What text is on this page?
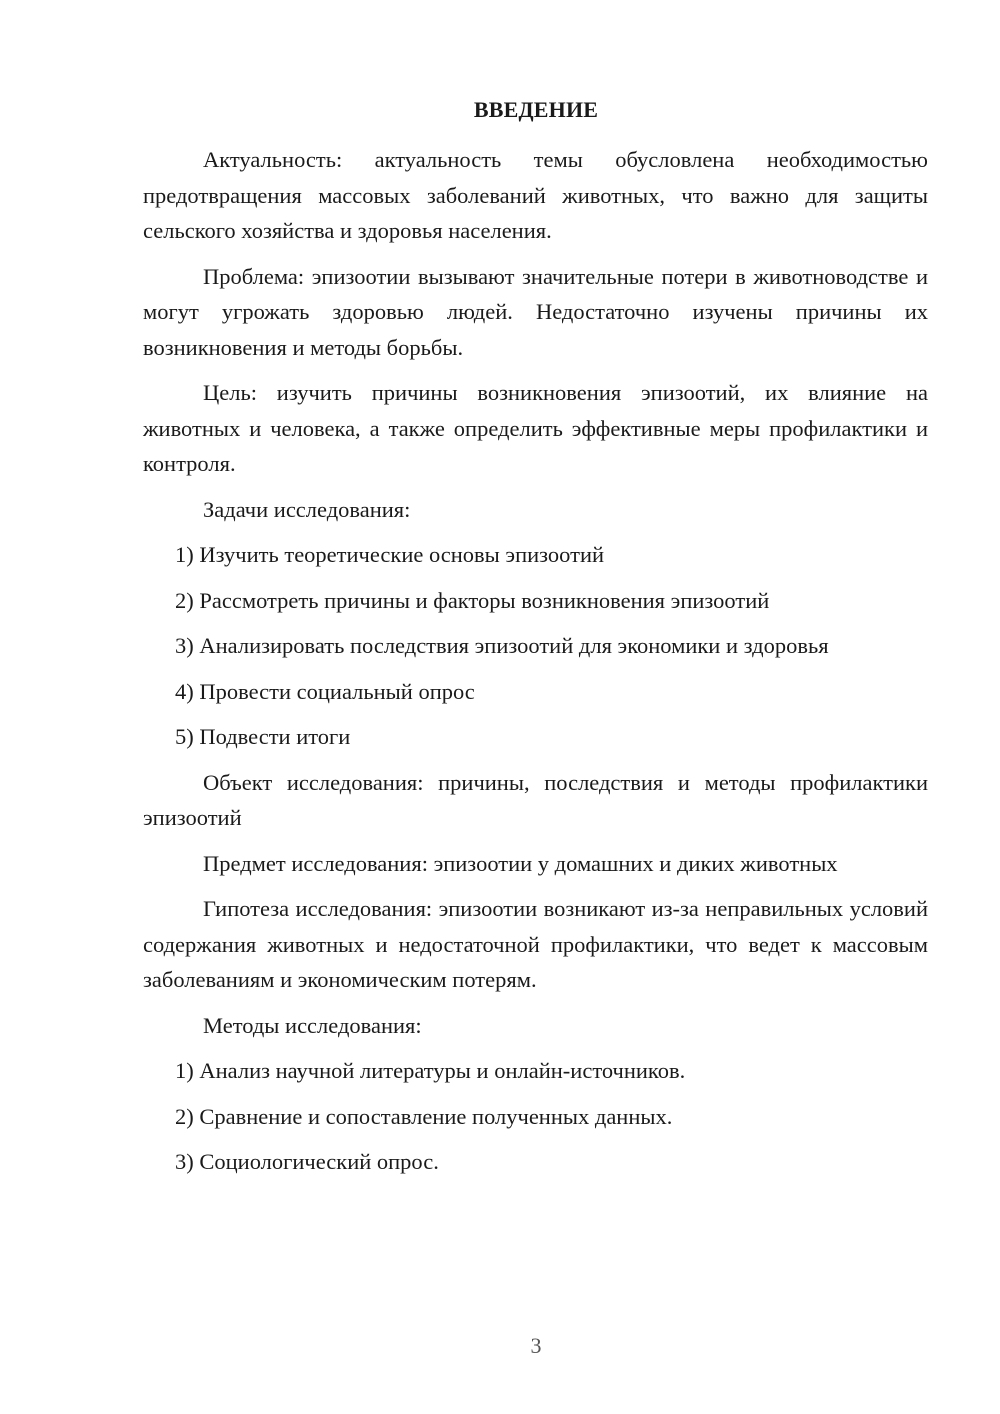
ВВЕДЕНИЕ

Актуальность: актуальность темы обусловлена необходимостью предотвращения массовых заболеваний животных, что важно для защиты сельского хозяйства и здоровья населения.

Проблема: эпизоотии вызывают значительные потери в животноводстве и могут угрожать здоровью людей. Недостаточно изучены причины их возникновения и методы борьбы.

Цель: изучить причины возникновения эпизоотий, их влияние на животных и человека, а также определить эффективные меры профилактики и контроля.

Задачи исследования:

1) Изучить теоретические основы эпизоотий

2) Рассмотреть причины и факторы возникновения эпизоотий

3) Анализировать последствия эпизоотий для экономики и здоровья

4) Провести социальный опрос

5) Подвести итоги

Объект исследования: причины, последствия и методы профилактики эпизоотий

Предмет исследования: эпизоотии у домашних и диких животных

Гипотеза исследования: эпизоотии возникают из-за неправильных условий содержания животных и недостаточной профилактики, что ведет к массовым заболеваниям и экономическим потерям.

Методы исследования:

1) Анализ научной литературы и онлайн-источников.

2) Сравнение и сопоставление полученных данных.

3) Социологический опрос.

3
